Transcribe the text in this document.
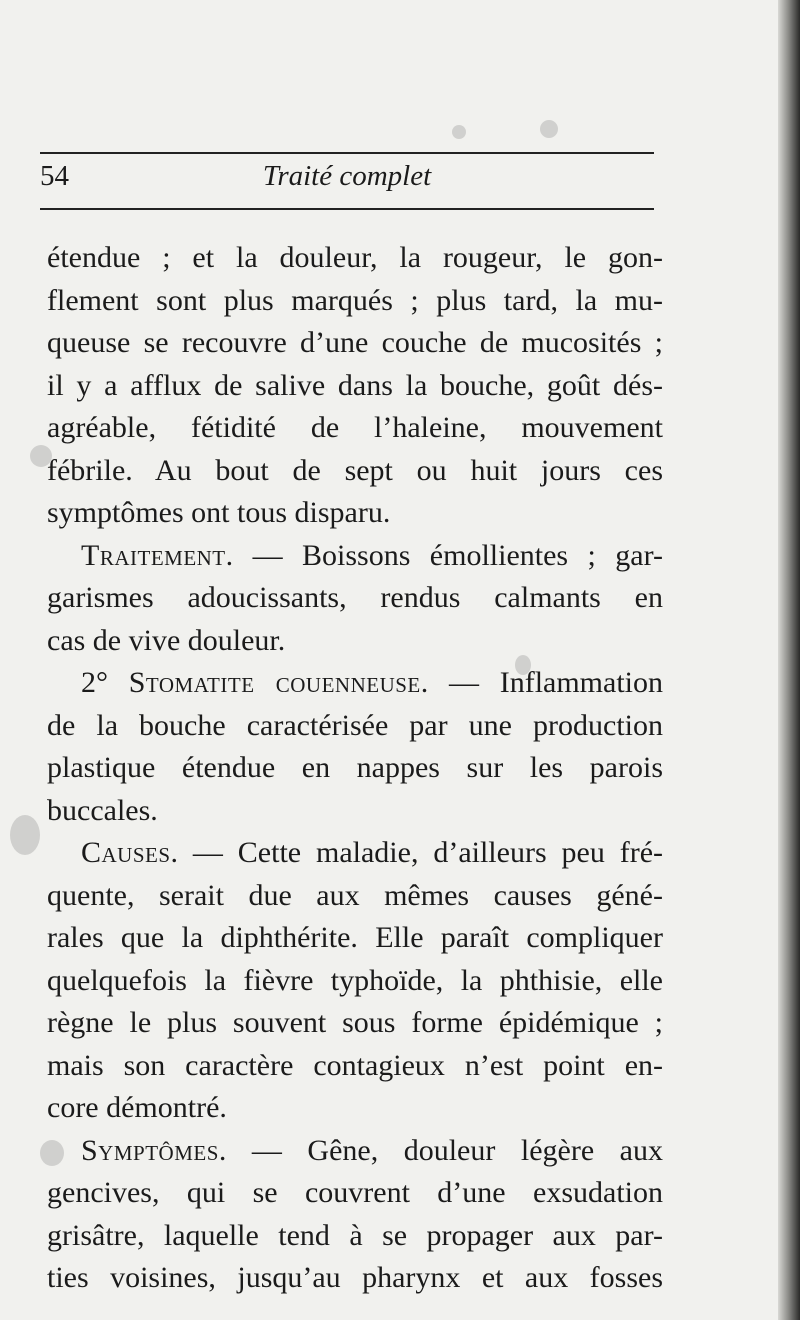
54	Traité complet
étendue ; et la douleur, la rougeur, le gon-
flement sont plus marqués ; plus tard, la mu-
queuse se recouvre d’une couche de mucosités ;
il y a afflux de salive dans la bouche, goût dés-
agréable, fétidité de l’haleine, mouvement
fébrile. Au bout de sept ou huit jours ces
symptômes ont tous disparu.
Traitement. — Boissons émollientes ; gar-
garismes adoucissants, rendus calmants en
cas de vive douleur.
2° Stomatite couenneuse. — Inflammation
de la bouche caractérisée par une production
plastique étendue en nappes sur les parois
buccales.
Causes. — Cette maladie, d’ailleurs peu fré-
quente, serait due aux mêmes causes géné-
rales que la diphthérite. Elle paraît compliquer
quelquefois la fièvre typhoïde, la phthisie, elle
règne le plus souvent sous forme épidémique ;
mais son caractère contagieux n’est point en-
core démontré.
Symptômes. — Gêne, douleur légère aux
gencives, qui se couvrent d’une exsudation
grisâtre, laquelle tend à se propager aux par-
ties voisines, jusqu’au pharynx et aux fosses
